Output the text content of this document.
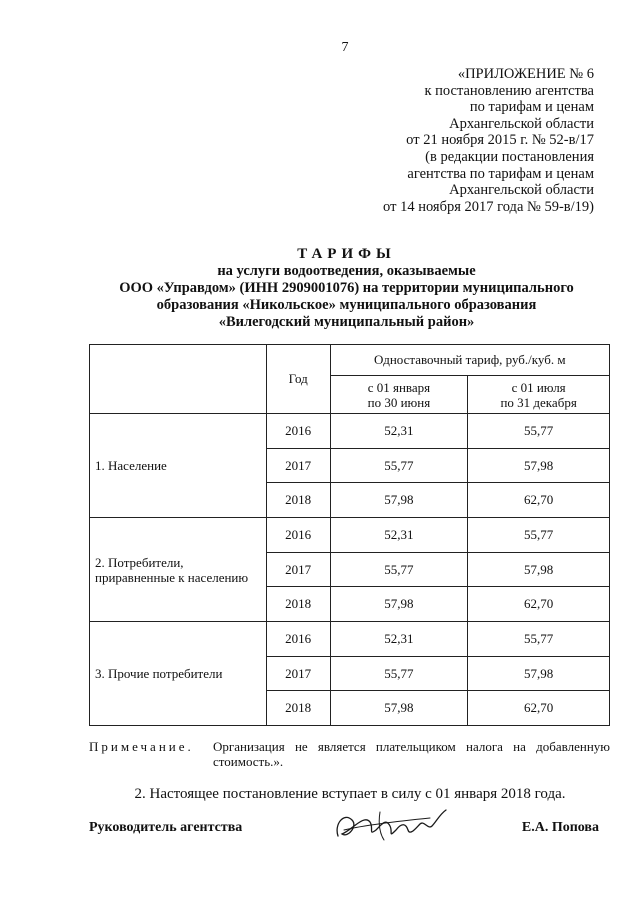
7
«ПРИЛОЖЕНИЕ № 6
к постановлению агентства
по тарифам и ценам
Архангельской области
от 21 ноября 2015 г. № 52-в/17
(в редакции постановления
агентства по тарифам и ценам
Архангельской области
от 14 ноября 2017 года № 59-в/19)
ТАРИФЫ
на услуги водоотведения, оказываемые
ООО «Управдом» (ИНН 2909001076) на территории муниципального
образования «Никольское» муниципального образования
«Вилегодский муниципальный район»
	Год	Одноставочный тариф, руб./куб. м	
		с 01 января
по 30 июня	с 01 июля
по 31 декабря
1. Население	2016	52,31	55,77
	2017	55,77	57,98
	2018	57,98	62,70
2. Потребители,
приравненные к населению	2016	52,31	55,77
	2017	55,77	57,98
	2018	57,98	62,70
3. Прочие потребители	2016	52,31	55,77
	2017	55,77	57,98
	2018	57,98	62,70
Примечание. Организация не является плательщиком налога на добавленную стоимость.».
2. Настоящее постановление вступает в силу с 01 января 2018 года.
Руководитель агентства	Е.А. Попова
